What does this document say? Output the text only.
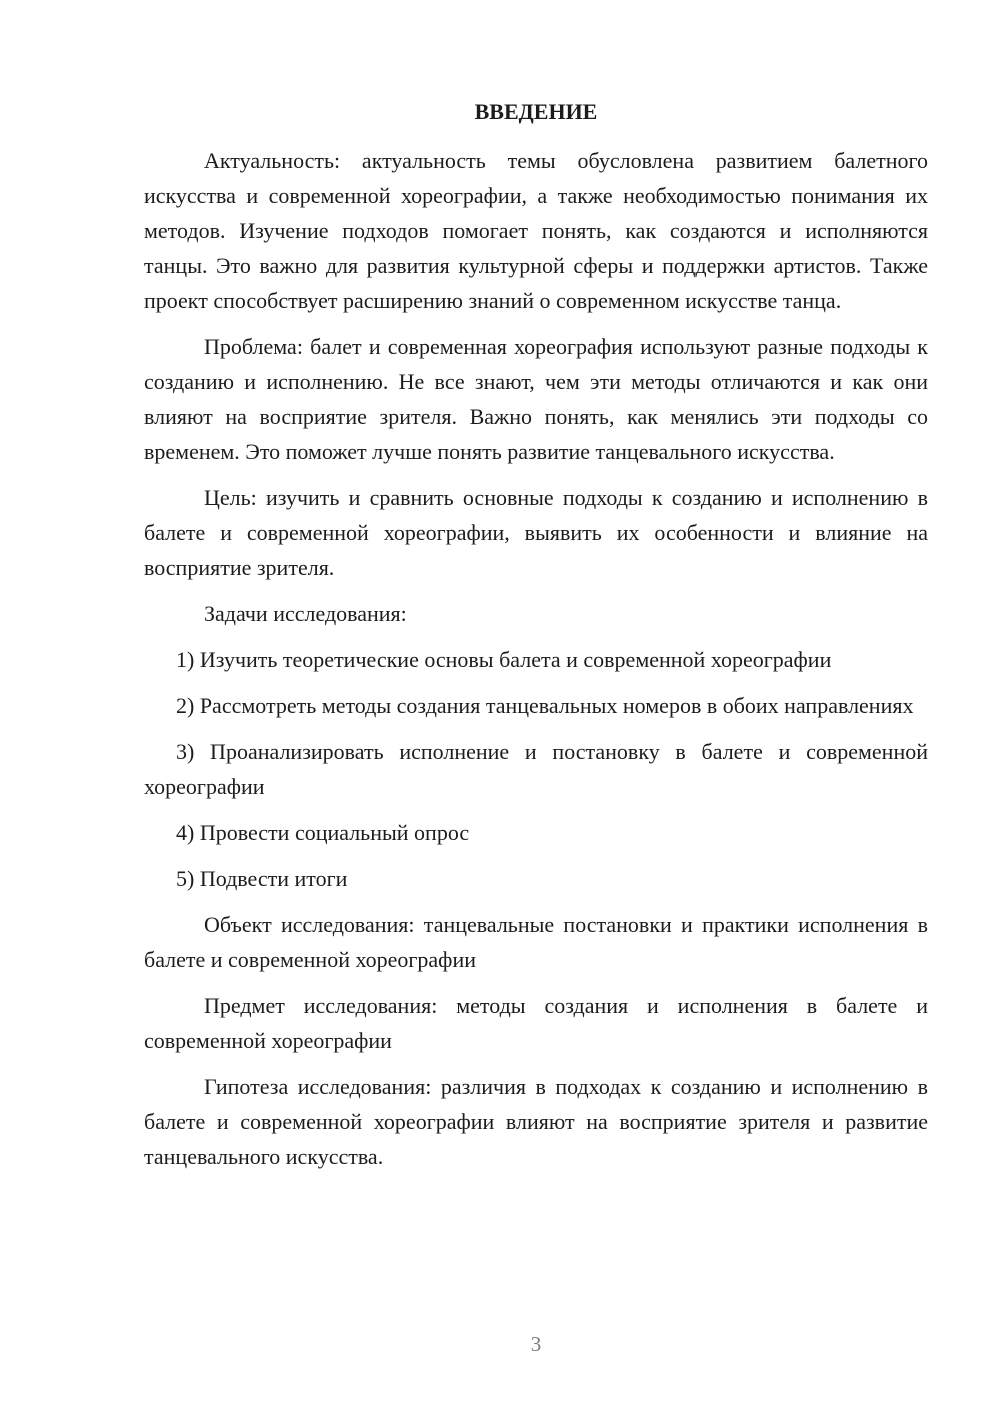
ВВЕДЕНИЕ

Актуальность: актуальность темы обусловлена развитием балетного искусства и современной хореографии, а также необходимостью понимания их методов. Изучение подходов помогает понять, как создаются и исполняются танцы. Это важно для развития культурной сферы и поддержки артистов. Также проект способствует расширению знаний о современном искусстве танца.

Проблема: балет и современная хореография используют разные подходы к созданию и исполнению. Не все знают, чем эти методы отличаются и как они влияют на восприятие зрителя. Важно понять, как менялись эти подходы со временем. Это поможет лучше понять развитие танцевального искусства.

Цель: изучить и сравнить основные подходы к созданию и исполнению в балете и современной хореографии, выявить их особенности и влияние на восприятие зрителя.

Задачи исследования:

1) Изучить теоретические основы балета и современной хореографии

2) Рассмотреть методы создания танцевальных номеров в обоих направлениях

3) Проанализировать исполнение и постановку в балете и современной хореографии

4) Провести социальный опрос

5) Подвести итоги

Объект исследования: танцевальные постановки и практики исполнения в балете и современной хореографии

Предмет исследования: методы создания и исполнения в балете и современной хореографии

Гипотеза исследования: различия в подходах к созданию и исполнению в балете и современной хореографии влияют на восприятие зрителя и развитие танцевального искусства.

3
